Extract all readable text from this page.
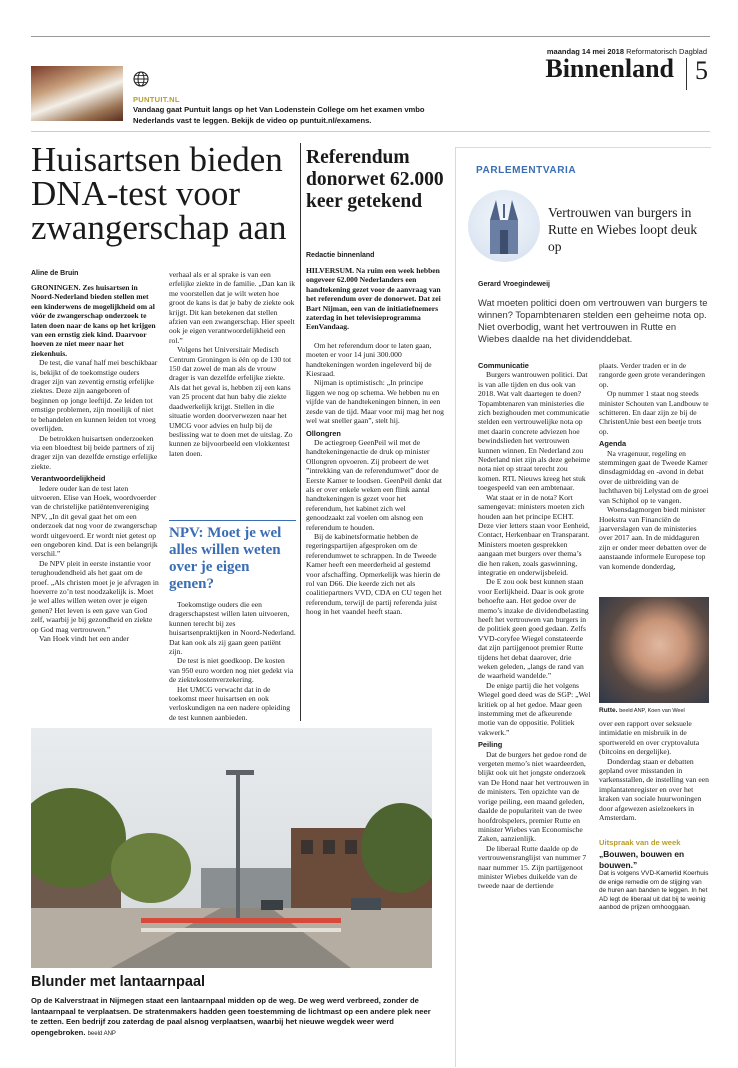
maandag 14 mei 2018 Reformatorisch Dagblad
Binnenland 5
PUNTUIT.NL
Vandaag gaat Puntuit langs op het Van Lodenstein College om het examen vmbo Nederlands vast te leggen. Bekijk de video op puntuit.nl/examens.
Huisartsen bieden DNA-test voor zwangerschap aan
Aline de Bruin

GRONINGEN. Zes huisartsen in Noord-Nederland bieden stellen met een kinderwens de mogelijkheid om al vóór de zwangerschap onderzoek te laten doen naar de kans op het krijgen van een ernstig ziek kind. Daarvoor hoeven ze niet meer naar het ziekenhuis.

De test, die vanaf half mei beschikbaar is, bekijkt of de toekomstige ouders drager zijn van zeventig ernstig erfelijke ziektes. Deze zijn aangeboren of beginnen op jonge leeftijd. Ze leiden tot ernstige problemen, zijn moeilijk of niet te behandelen en kunnen leiden tot vroeg overlijden.

De betrokken huisartsen onderzoeken via een bloedtest bij beide partners of zij drager zijn van dezelfde ernstige erfelijke ziekte.

Verantwoordelijkheid

Iedere ouder kan de test laten uitvoeren. Elise van Hoek, woordvoerder van de christelijke patiëntenvereniging NPV, „In dit geval gaat het om een onderzoek dat nog voor de zwangerschap wordt uitgevoerd. Er wordt niet getest op een ongeboren kind. Dat is een belangrijk verschil.”

De NPV pleit in eerste instantie voor terughoudendheid als het gaat om de proef. „Als christen moet je je afvragen in hoeverre zo’n test noodzakelijk is. Moet je wel alles willen weten over je eigen genen? Het leven is een gave van God zelf, waarbij je bij gezondheid en ziekte op God mag vertrouwen.”

Van Hoek vindt het een ander

verhaal als er al sprake is van een erfelijke ziekte in de familie. „Dan kan ik me voorstellen dat je wilt weten hoe groot de kans is dat je baby de ziekte ook krijgt. Dit kan betekenen dat stellen afzien van een zwangerschap. Hier speelt ook je eigen verantwoordelijkheid een rol.”

Volgens het Universitair Medisch Centrum Groningen is één op de 130 tot 150 dat zowel de man als de vrouw drager is van dezelfde erfelijke ziekte. Als dat het geval is, hebben zij een kans van 25 procent dat hun baby die ziekte daadwerkelijk krijgt. Stellen in die situatie worden doorverwezen naar het UMCG voor advies en hulp bij de beslissing wat te doen met de uitslag. Zo kunnen ze bijvoorbeeld een vlokkentest laten doen.

NPV: Moet je wel alles willen weten over je eigen genen?

Toekomstige ouders die een dragerschapstest willen laten uitvoeren, kunnen terecht bij zes huisartsenpraktijken in Noord-Nederland. Dat kan ook als zij gaan geen patiënt zijn.

De test is niet goedkoop. De kosten van 950 euro worden nog niet gedekt via de ziektekostenverzekering.

Het UMCG verwacht dat in de toekomst meer huisartsen en ook verloskundigen na een nadere opleiding de test kunnen aanbieden.

Referendum donorwet 62.000 keer getekend
Redactie binnenland

HILVERSUM. Na ruim een week hebben ongeveer 62.000 Nederlanders een handtekening gezet voor de aanvraag van het referendum over de donorwet. Dat zei Bart Nijman, een van de initiatiefnemers zaterdag in het televisieprogramma EenVandaag.

Om het referendum door te laten gaan, moeten er voor 14 juni 300.000 handtekeningen worden ingeleverd bij de Kiesraad.

Nijman is optimistisch: „In principe liggen we nog op schema. We hebben nu en vijfde van de handtekeningen binnen, in een zesde van de tijd. Maar voor mij mag het nog wel wat sneller gaan”, stelt hij.

Ollongren

De actiegroep GeenPeil wil met de handtekeningenactie de druk op minister Ollongren opvoeren. Zij probeert de wet ”intrekking van de referendumwet” door de Eerste Kamer te loodsen. GeenPeil denkt dat als er over enkele weken een flink aantal handtekeningen is gezet voor het referendum, het kabinet zich wel genoodzaakt zal voelen om alsnog een referendum te houden.

Bij de kabinetsformatie hebben de regeringspartijen afgesproken om de referendumwet te schrappen. In de Tweede Kamer heeft een meerderheid al gestemd voor afschaffing. Opmerkelijk was hierin de rol van D66. Die keerde zich net als coalitiepartners VVD, CDA en CU tegen het referendum, terwijl de partij referenda juist hoog in het vaandel heeft staan.

Blunder met lantaarnpaal
Op de Kalverstraat in Nijmegen staat een lantaarnpaal midden op de weg. De weg werd verbreed, zonder de lantaarnpaal te verplaatsen. De stratenmakers hadden geen toestemming de lichtmast op een andere plek neer te zetten. Een bedrijf zou zaterdag de paal alsnog verplaatsen, waarbij het nieuwe wegdek weer werd opengebroken. beeld ANP
PARLEMENTVARIA
Vertrouwen van burgers in Rutte en Wiebes loopt deuk op
Gerard Vroegindeweij
Wat moeten politici doen om vertrouwen van burgers te winnen? Topambtenaren stelden een geheime nota op. Niet overbodig, want het vertrouwen in Rutte en Wiebes daalde na het dividenddebat.
Communicatie

Burgers wantrouwen politici. Dat is van alle tijden en dus ook van 2018. Wat valt daartegen te doen? Topambtenaren van ministeries die zich bezighouden met communicatie stelden een vertrouwelijke nota op met daarin concrete adviezen hoe bewindslieden het vertrouwen kunnen winnen. En Nederland zou Nederland niet zijn als deze geheime nota niet op straat terecht zou komen. RTL Nieuws kreeg het stuk toegespeeld van een ambtenaar.

Wat staat er in de nota? Kort samengevat: ministers moeten zich houden aan het principe ECHT. Deze vier letters staan voor Eenheid, Contact, Herkenbaar en Transparant. Ministers moeten gesprekken aangaan met burgers over thema’s die hen raken, zoals gaswinning, integratie en onderwijsbeleid.

De E zou ook best kunnen staan voor Eerlijkheid. Daar is ook grote behoefte aan. Het gedoe over de memo’s inzake de dividendbelasting heeft het vertrouwen van burgers in de politiek geen goed gedaan. Zelfs VVD-coryfee Wiegel constateerde dat zijn partijgenoot premier Rutte tijdens het debat daarover, drie weken geleden, „langs de rand van de waarheid wandelde.”

De enige partij die het volgens Wiegel goed deed was de SGP: „Wel kritiek op al het gedoe. Maar geen instemming met de afkeurende motie van de oppositie. Politiek vakwerk.”

Peiling

Dat de burgers het gedoe rond de vergeten memo’s niet waardeerden, blijkt ook uit het jongste onderzoek van De Hond naar het vertrouwen in de ministers. Ten opzichte van de vorige peiling, een maand geleden, daalde de populariteit van de twee hoofdrolspelers, premier Rutte en minister Wiebes van Economische Zaken, aanzienlijk.

De liberaal Rutte daalde op de vertrouwensranglijst van nummer 7 naar nummer 15. Zijn partijgenoot minister Wiebes duikelde van de tweede naar de dertiende

plaats. Verder traden er in de rangorde geen grote veranderingen op.

Op nummer 1 staat nog steeds minister Schouten van Landbouw te schitteren. En daar zijn ze bij de ChristenUnie best een beetje trots op.

Agenda

Na vragenuur, regeling en stemmingen gaat de Tweede Kamer dinsdagmiddag en -avond in debat over de uitbreiding van de luchthaven bij Lelystad om de groei van Schiphol op te vangen.

Woensdagmorgen biedt minister Hoekstra van Financiën de jaarverslagen van de ministeries over 2017 aan. In de middaguren zijn er onder meer debatten over de aanstaande informele Europese top van komende donderdag,

Rutte. beeld ANP, Koen van Weel

over een rapport over seksuele intimidatie en misbruik in de sportwereld en over cryptovaluta (bitcoins en dergelijke).

Donderdag staan er debatten gepland over misstanden in varkensstallen, de instelling van een implantatenregister en over het kraken van sociale huurwoningen door afgewezen asielzoekers in Amsterdam.

Uitspraak van de week
„Bouwen, bouwen en bouwen.”
Dat is volgens VVD-Kamerlid Koerhuis de enige remedie om de stijging van de huren aan banden te leggen. In het AD legt de liberaal uit dat bij te weinig aanbod de prijzen omhooggaan.
